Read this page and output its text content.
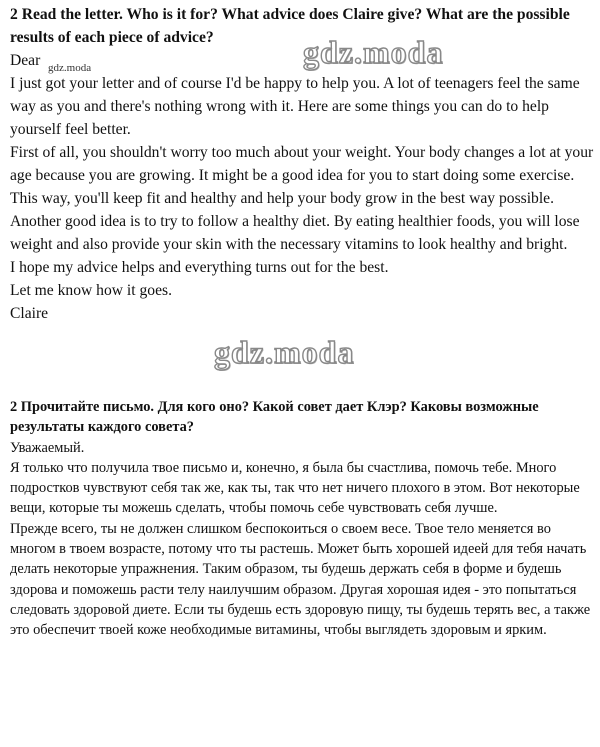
2 Read the letter. Who is it for? What advice does Claire give? What are the possible results of each piece of advice?

Dear

I just got your letter and of course I'd be happy to help you. A lot of teenagers feel the same way as you and there's nothing wrong with it. Here are some things you can do to help yourself feel better.

First of all, you shouldn't worry too much about your weight. Your body changes a lot at your age because you are growing. It might be a good idea for you to start doing some exercise. This way, you'll keep fit and healthy and help your body grow in the best way possible. Another good idea is to try to follow a healthy diet. By eating healthier foods, you will lose weight and also provide your skin with the necessary vitamins to look healthy and bright.

I hope my advice helps and everything turns out for the best.

Let me know how it goes.

Claire

2 Прочитайте письмо. Для кого оно? Какой совет дает Клэр? Каковы возможные результаты каждого совета?

Уважаемый.

Я только что получила твое письмо и, конечно, я была бы счастлива, помочь тебе. Много подростков чувствуют себя так же, как ты, так что нет ничего плохого в этом. Вот некоторые вещи, которые ты можешь сделать, чтобы помочь себе чувствовать себя лучше.

Прежде всего, ты не должен слишком беспокоиться о своем весе. Твое тело меняется во многом в твоем возрасте, потому что ты растешь. Может быть хорошей идеей для тебя начать делать некоторые упражнения. Таким образом, ты будешь держать себя в форме и будешь здорова и поможешь расти телу наилучшим образом. Другая хорошая идея - это попытаться следовать здоровой диете. Если ты будешь есть здоровую пищу, ты будешь терять вес, а также это обеспечит твоей коже необходимые витамины, чтобы выглядеть здоровым и ярким.

gdz.moda
gdz.moda
gdz.moda
